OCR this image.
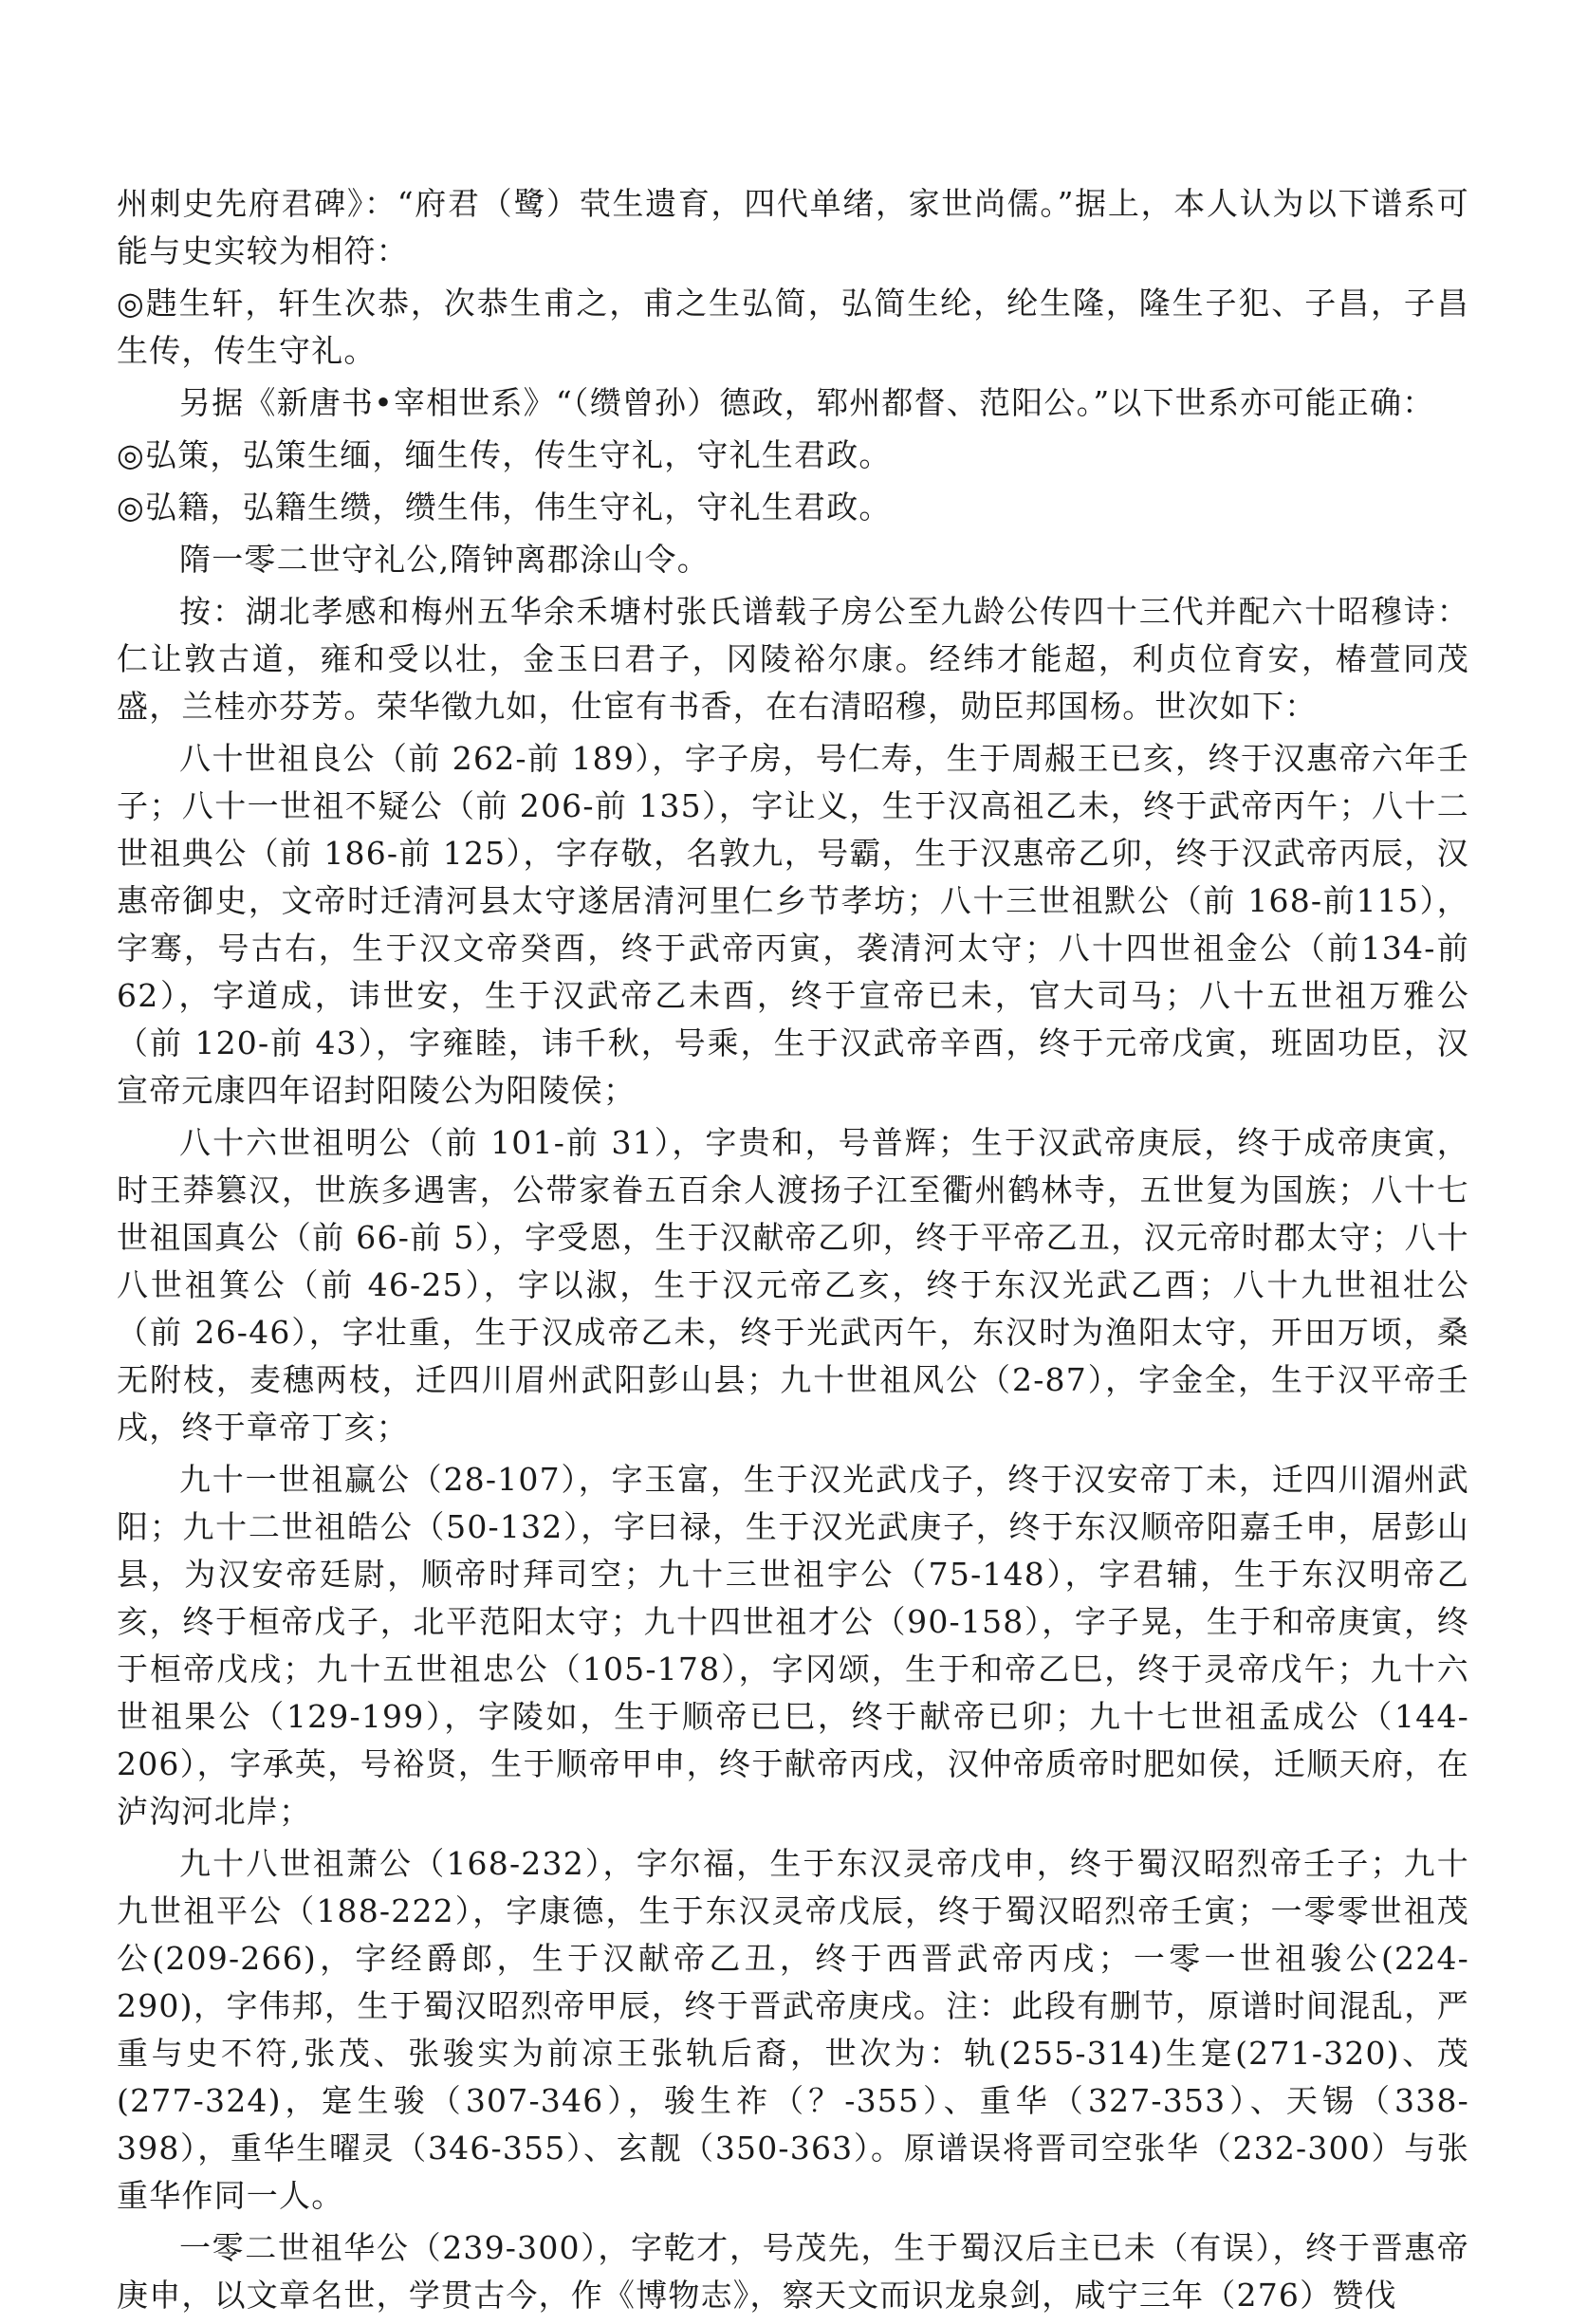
州刺史先府君碑》：“府君（鹭）茕生遗育，四代单绪，家世尚儒。”据上，本人认为以下谱系可能与史实较为相符：

◎韪生轩，轩生次恭，次恭生甫之，甫之生弘简，弘简生纶，纶生隆，隆生子犯、子昌，子昌生传，传生守礼。

另据《新唐书•宰相世系》“（缵曾孙）德政，郓州都督、范阳公。”以下世系亦可能正确：

◎弘策，弘策生缅，缅生传，传生守礼，守礼生君政。

◎弘籍，弘籍生缵，缵生伟，伟生守礼，守礼生君政。

隋一零二世守礼公,隋钟离郡涂山令。

按：湖北孝感和梅州五华余禾塘村张氏谱载子房公至九龄公传四十三代并配六十昭穆诗：仁让敦古道，雍和受以壮，金玉曰君子，冈陵裕尔康。经纬才能超，利贞位育安，椿萱同茂盛，兰桂亦芬芳。荣华徵九如，仕宦有书香，在右清昭穆，勋臣邦国杨。世次如下：

八十世祖良公（前 262-前 189），字子房，号仁寿，生于周赧王已亥，终于汉惠帝六年壬子；八十一世祖不疑公（前 206-前 135），字让义，生于汉高祖乙未，终于武帝丙午；八十二世祖典公（前 186-前 125），字存敬，名敦九，号霸，生于汉惠帝乙卯，终于汉武帝丙辰，汉惠帝御史，文帝时迁清河县太守遂居清河里仁乡节孝坊；八十三世祖默公（前 168-前115），字骞，号古右，生于汉文帝癸酉，终于武帝丙寅，袭清河太守；八十四世祖金公（前134-前 62），字道成，讳世安，生于汉武帝乙未酉，终于宣帝已未，官大司马；八十五世祖万雅公（前 120-前 43），字雍睦，讳千秋，号乘，生于汉武帝辛酉，终于元帝戊寅，班固功臣，汉宣帝元康四年诏封阳陵公为阳陵侯；

八十六世祖明公（前 101-前 31），字贵和，号普辉；生于汉武帝庚辰，终于成帝庚寅，时王莽篡汉，世族多遇害，公带家眷五百余人渡扬子江至衢州鹤林寺，五世复为国族；八十七世祖国真公（前 66-前 5），字受恩，生于汉献帝乙卯，终于平帝乙丑，汉元帝时郡太守；八十八世祖箕公（前 46-25），字以淑，生于汉元帝乙亥，终于东汉光武乙酉；八十九世祖壮公（前 26-46），字壮重，生于汉成帝乙未，终于光武丙午，东汉时为渔阳太守，开田万顷，桑无附枝，麦穗两枝，迁四川眉州武阳彭山县；九十世祖风公（2-87），字金全，生于汉平帝壬戌，终于章帝丁亥；

九十一世祖赢公（28-107），字玉富，生于汉光武戊子，终于汉安帝丁未，迁四川湄州武阳；九十二世祖皓公（50-132），字曰禄，生于汉光武庚子，终于东汉顺帝阳嘉壬申，居彭山县，为汉安帝廷尉，顺帝时拜司空；九十三世祖宇公（75-148），字君辅，生于东汉明帝乙亥，终于桓帝戊子，北平范阳太守；九十四世祖才公（90-158），字子晃，生于和帝庚寅，终于桓帝戊戌；九十五世祖忠公（105-178），字冈颂，生于和帝乙巳，终于灵帝戊午；九十六世祖果公（129-199），字陵如，生于顺帝已巳，终于献帝已卯；九十七世祖孟成公（144-206），字承英，号裕贤，生于顺帝甲申，终于献帝丙戌，汉仲帝质帝时肥如侯，迁顺天府，在泸沟河北岸；

九十八世祖萧公（168-232），字尔福，生于东汉灵帝戊申，终于蜀汉昭烈帝壬子；九十九世祖平公（188-222），字康德，生于东汉灵帝戊辰，终于蜀汉昭烈帝壬寅；一零零世祖茂公(209-266)，字经爵郎，生于汉献帝乙丑，终于西晋武帝丙戌；一零一世祖骏公(224-290)，字伟邦，生于蜀汉昭烈帝甲辰，终于晋武帝庚戌。注：此段有删节，原谱时间混乱，严重与史不符,张茂、张骏实为前凉王张轨后裔，世次为：轨(255-314)生寔(271-320)、茂(277-324)，寔生骏（307-346），骏生祚（？-355）、重华（327-353）、天锡（338-398），重华生曜灵（346-355）、玄靓（350-363）。原谱误将晋司空张华（232-300）与张重华作同一人。

一零二世祖华公（239-300），字乾才，号茂先，生于蜀汉后主已未（有误），终于晋惠帝庚申，以文章名世，学贯古今，作《博物志》，察天文而识龙泉剑，咸宁三年（276）赞伐
